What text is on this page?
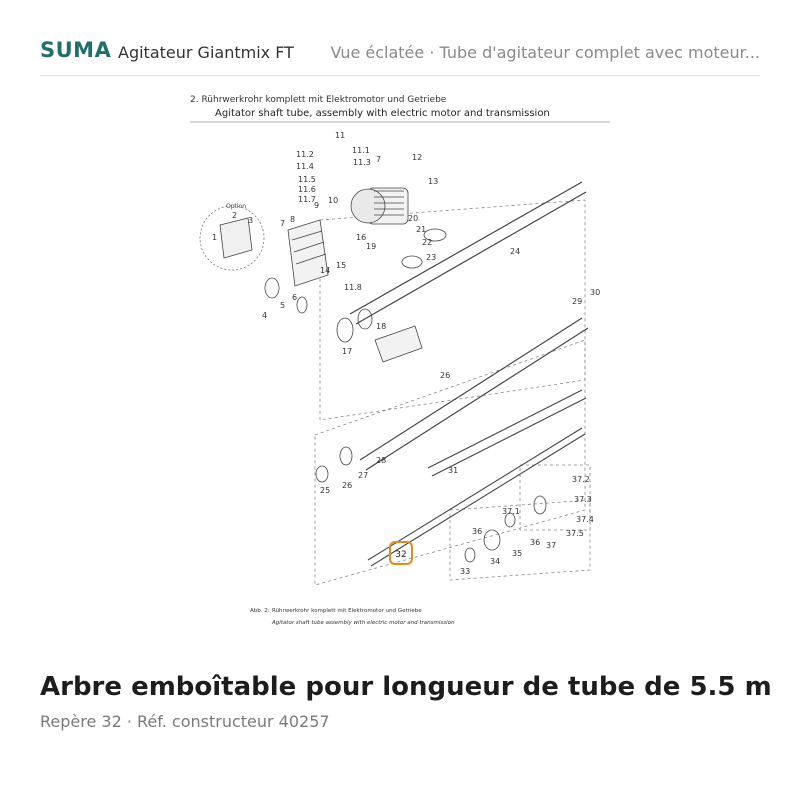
SUMA Agitateur Giantmix FT Vue éclatée · Tube d'agitateur complet avec moteur...
2. Rührwerkrohr komplett mit Elektromotor und Getriebe
Agitator shaft tube, assembly with electric motor and transmission
Option
11
11.1
11.2
11.3
11.4
11.5
11.6
11.7
12
7
13
10
9
8
1
2
3	7
20
16
21
19	22
15
14
24
23
6
5
4
11.8
30
29
18
17
26
28
25
26
27
31
37.2
37.3
37.4
37.5
37.1
36
36 37
34
35
33
32
Abb. 2: Rührwerkrohr komplett mit Elektromotor und Getriebe
Agitator shaft tube assembly with electric motor and transmission
Arbre emboîtable pour longueur de tube de 5.5 m
Repère 32 · Réf. constructeur 40257
